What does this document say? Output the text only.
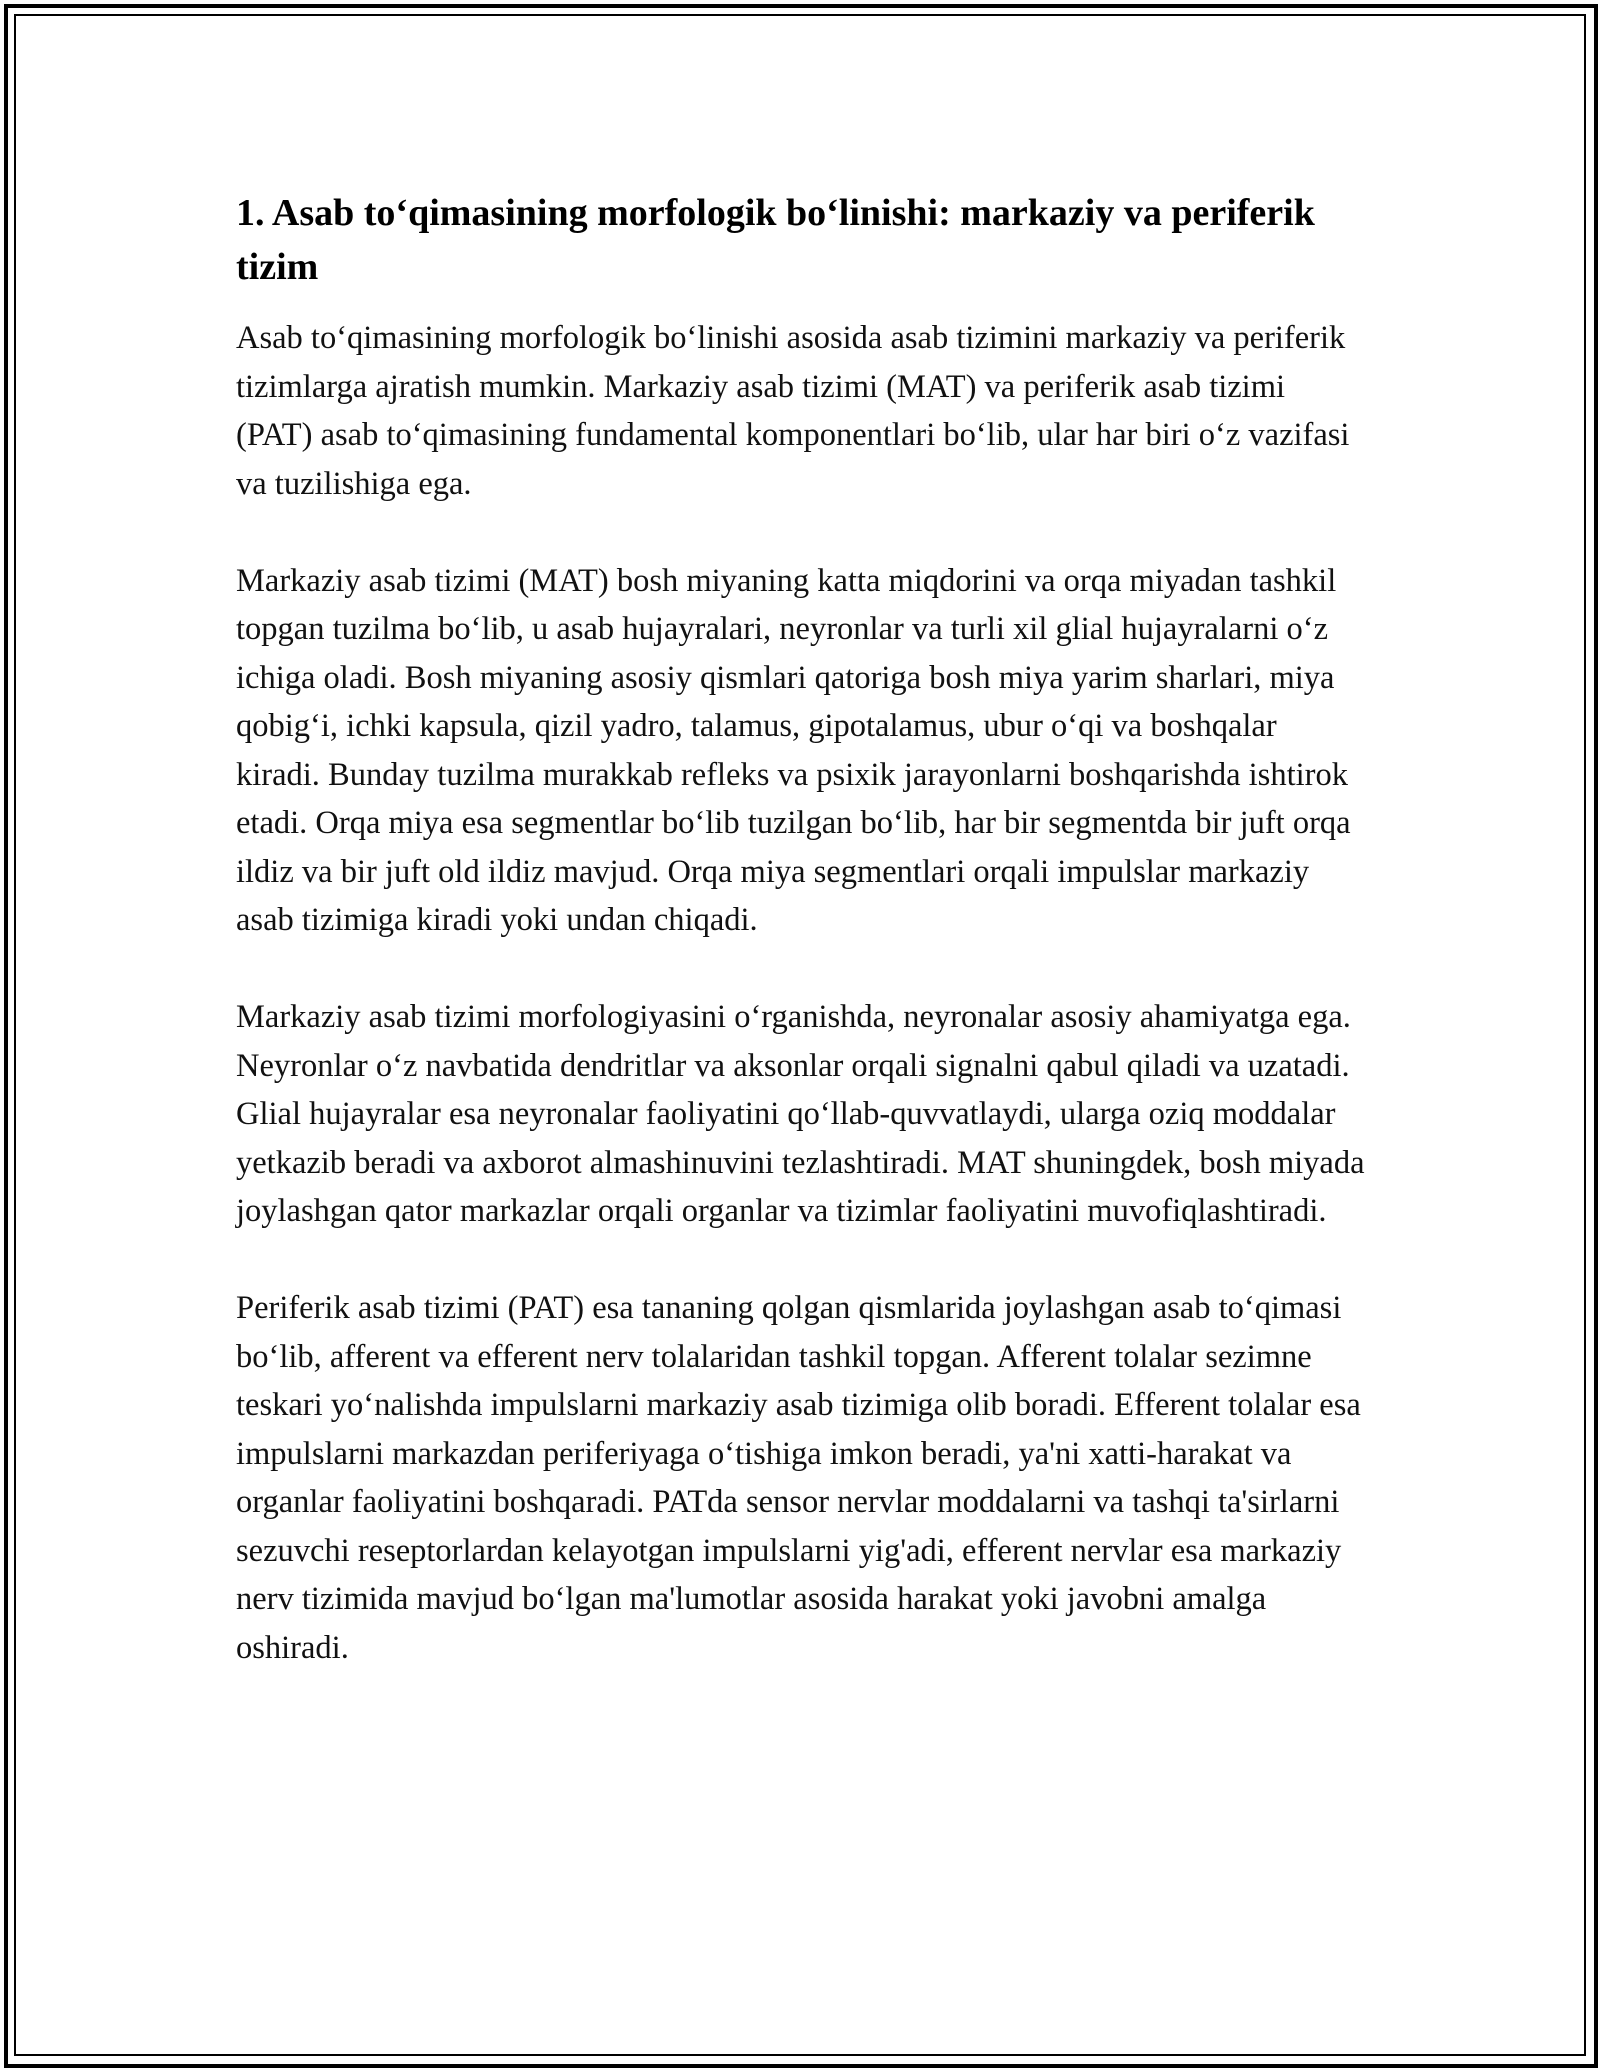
1. Asab to‘qimasining morfologik bo‘linishi: markaziy va periferik tizim

Asab to‘qimasining morfologik bo‘linishi asosida asab tizimini markaziy va periferik tizimlarga ajratish mumkin. Markaziy asab tizimi (MAT) va periferik asab tizimi (PAT) asab to‘qimasining fundamental komponentlari bo‘lib, ular har biri o‘z vazifasi va tuzilishiga ega.

Markaziy asab tizimi (MAT) bosh miyaning katta miqdorini va orqa miyadan tashkil topgan tuzilma bo‘lib, u asab hujayralari, neyronlar va turli xil glial hujayralarni o‘z ichiga oladi. Bosh miyaning asosiy qismlari qatoriga bosh miya yarim sharlari, miya qobig‘i, ichki kapsula, qizil yadro, talamus, gipotalamus, ubur o‘qi va boshqalar kiradi. Bunday tuzilma murakkab refleks va psixik jarayonlarni boshqarishda ishtirok etadi. Orqa miya esa segmentlar bo‘lib tuzilgan bo‘lib, har bir segmentda bir juft orqa ildiz va bir juft old ildiz mavjud. Orqa miya segmentlari orqali impulslar markaziy asab tizimiga kiradi yoki undan chiqadi.

Markaziy asab tizimi morfologiyasini o‘rganishda, neyronalar asosiy ahamiyatga ega. Neyronlar o‘z navbatida dendritlar va aksonlar orqali signalni qabul qiladi va uzatadi. Glial hujayralar esa neyronalar faoliyatini qo‘llab-quvvatlaydi, ularga oziq moddalar yetkazib beradi va axborot almashinuvini tezlashtiradi. MAT shuningdek, bosh miyada joylashgan qator markazlar orqali organlar va tizimlar faoliyatini muvofiqlashtiradi.

Periferik asab tizimi (PAT) esa tananing qolgan qismlarida joylashgan asab to‘qimasi bo‘lib, afferent va efferent nerv tolalaridan tashkil topgan. Afferent tolalar sezimne teskari yo‘nalishda impulslarni markaziy asab tizimiga olib boradi. Efferent tolalar esa impulslarni markazdan periferiyaga o‘tishiga imkon beradi, ya'ni xatti-harakat va organlar faoliyatini boshqaradi. PATda sensor nervlar moddalarni va tashqi ta'sirlarni sezuvchi reseptorlardan kelayotgan impulslarni yig'adi, efferent nervlar esa markaziy nerv tizimida mavjud bo‘lgan ma'lumotlar asosida harakat yoki javobni amalga oshiradi.
